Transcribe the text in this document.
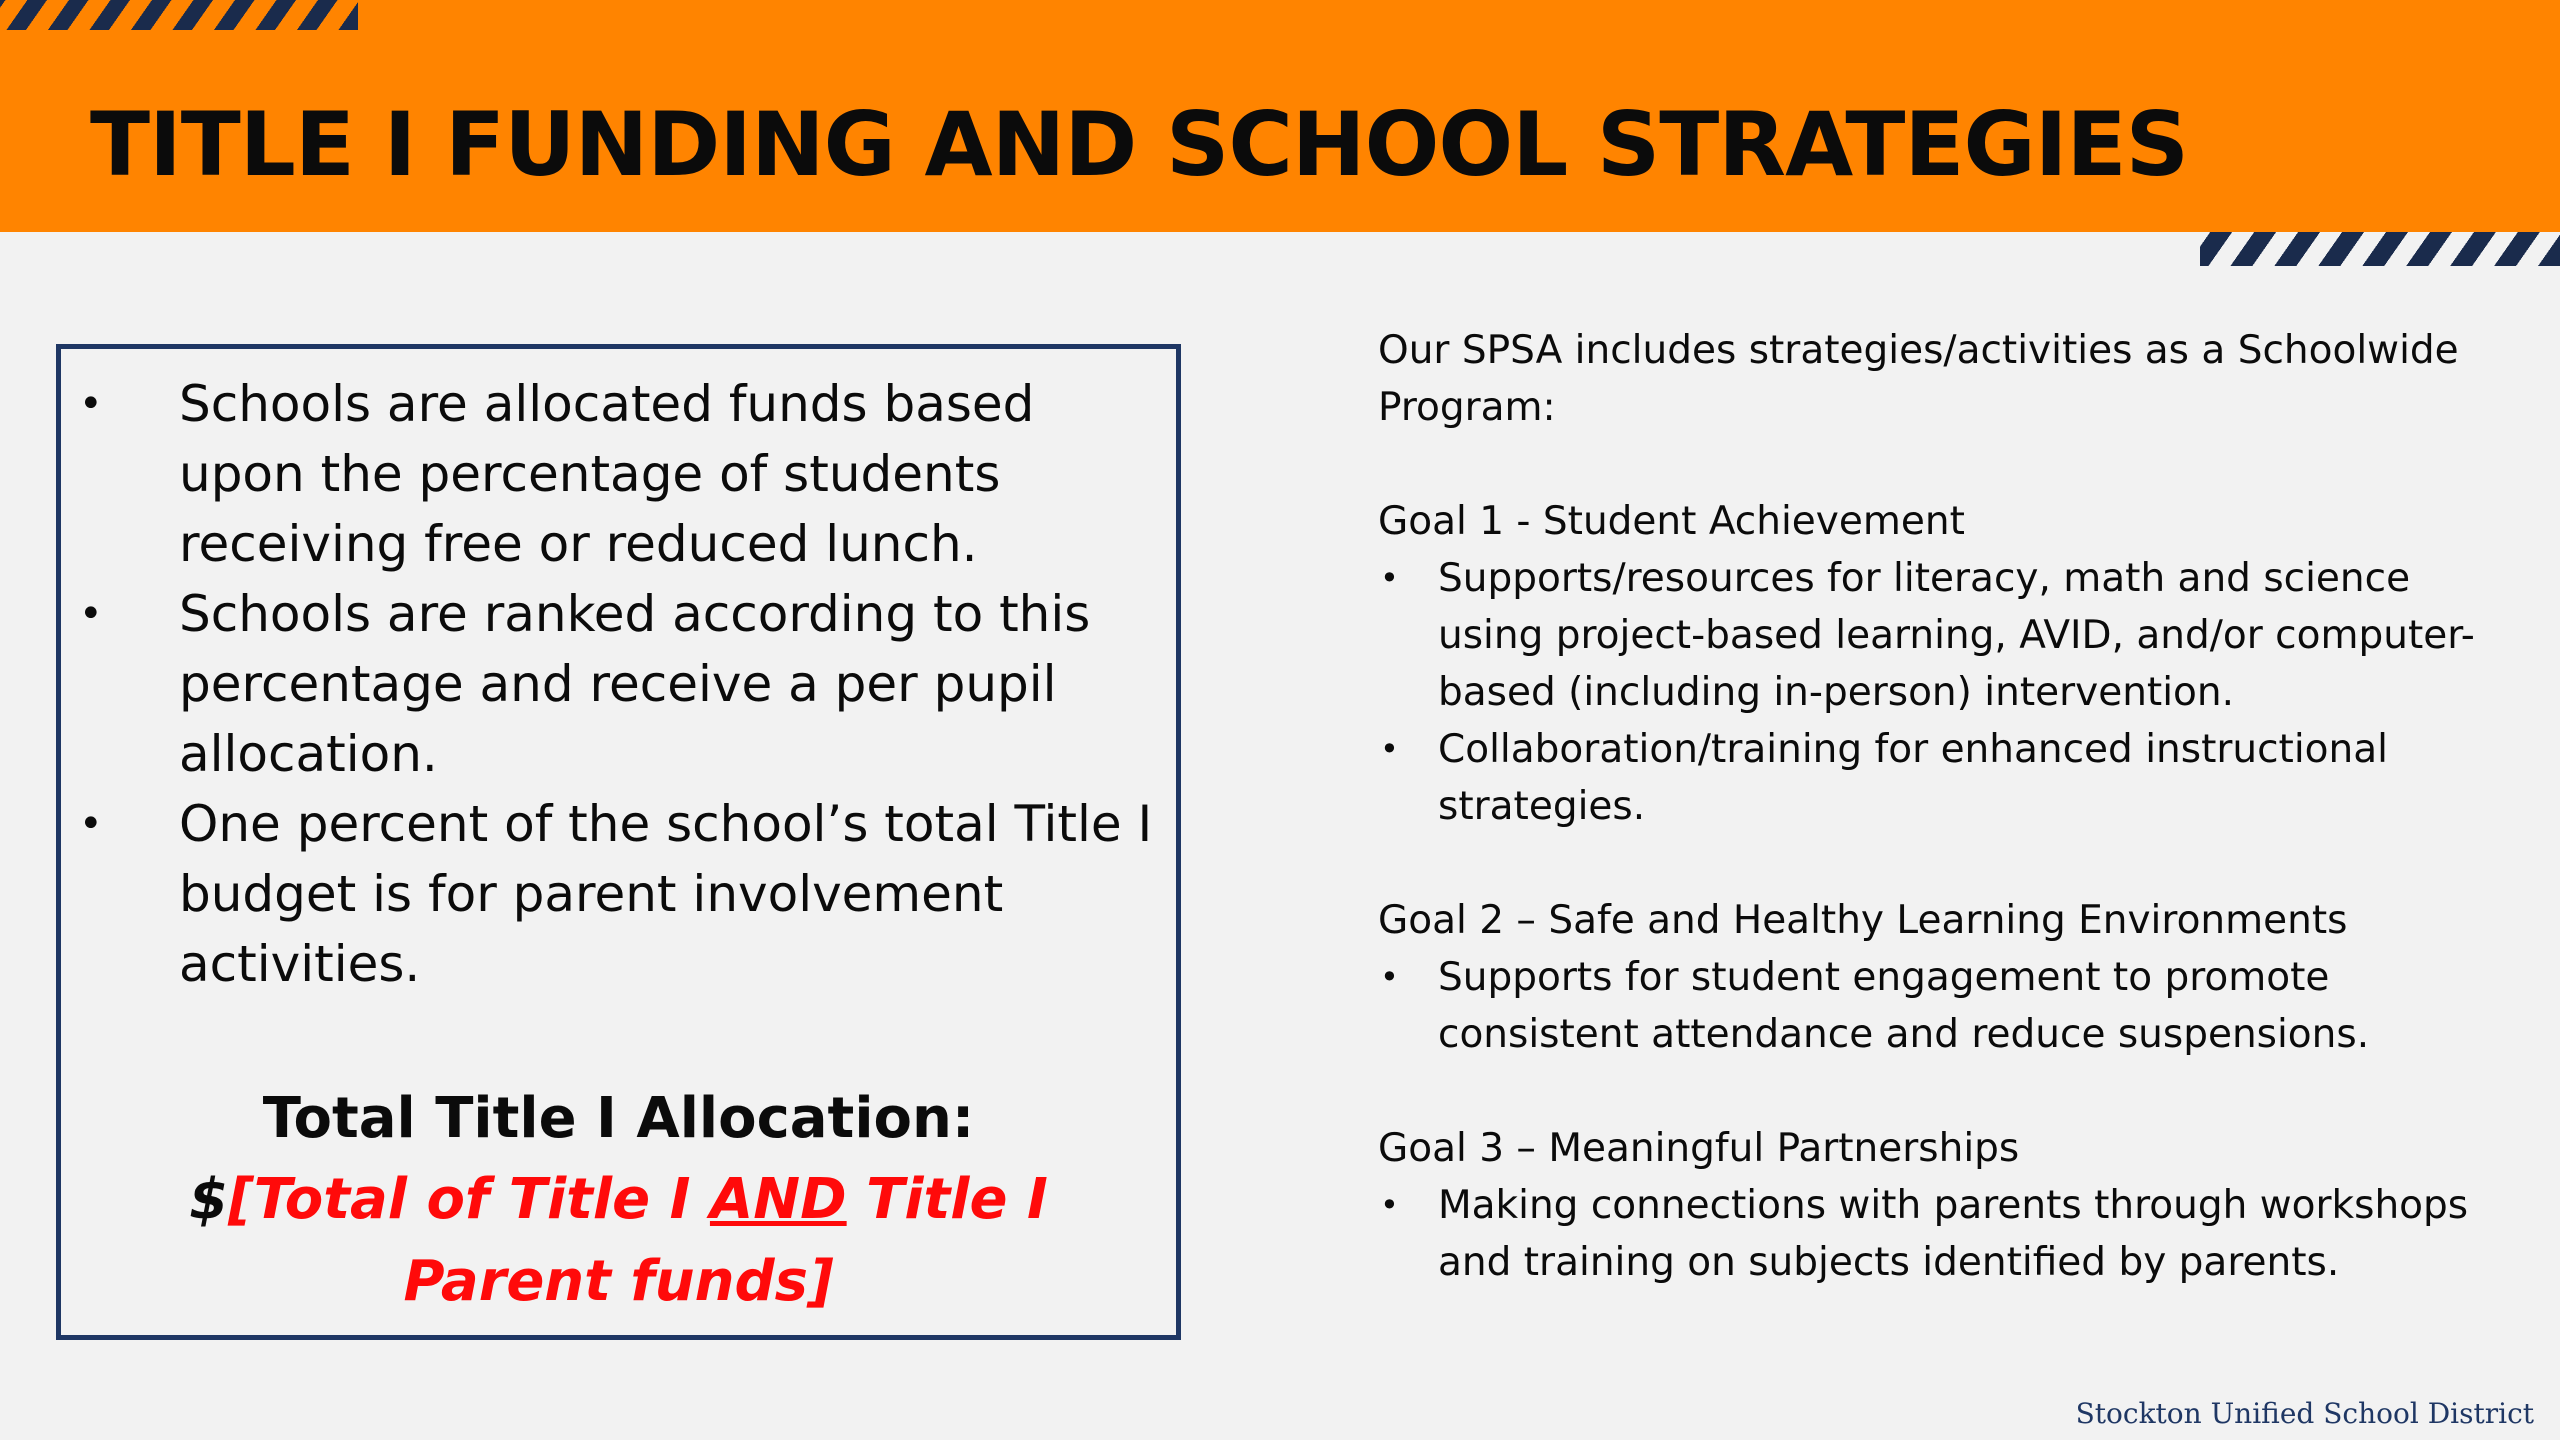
TITLE I FUNDING AND SCHOOL STRATEGIES
• Schools are allocated funds based upon the percentage of students receiving free or reduced lunch.
• Schools are ranked according to this percentage and receive a per pupil allocation.
• One percent of the school’s total Title I budget is for parent involvement activities.
Total Title I Allocation:
$[Total of Title I AND Title I Parent funds]

Our SPSA includes strategies/activities as a Schoolwide Program:

Goal 1 - Student Achievement

• Supports/resources for literacy, math and science using project-based learning, AVID, and/or computer-based (including in-person) intervention.
• Collaboration/training for enhanced instructional strategies.

Goal 2 – Safe and Healthy Learning Environments

• Supports for student engagement to promote consistent attendance and reduce suspensions.

Goal 3 – Meaningful Partnerships

• Making connections with parents through workshops and training on subjects identified by parents.
Stockton Unified School District
